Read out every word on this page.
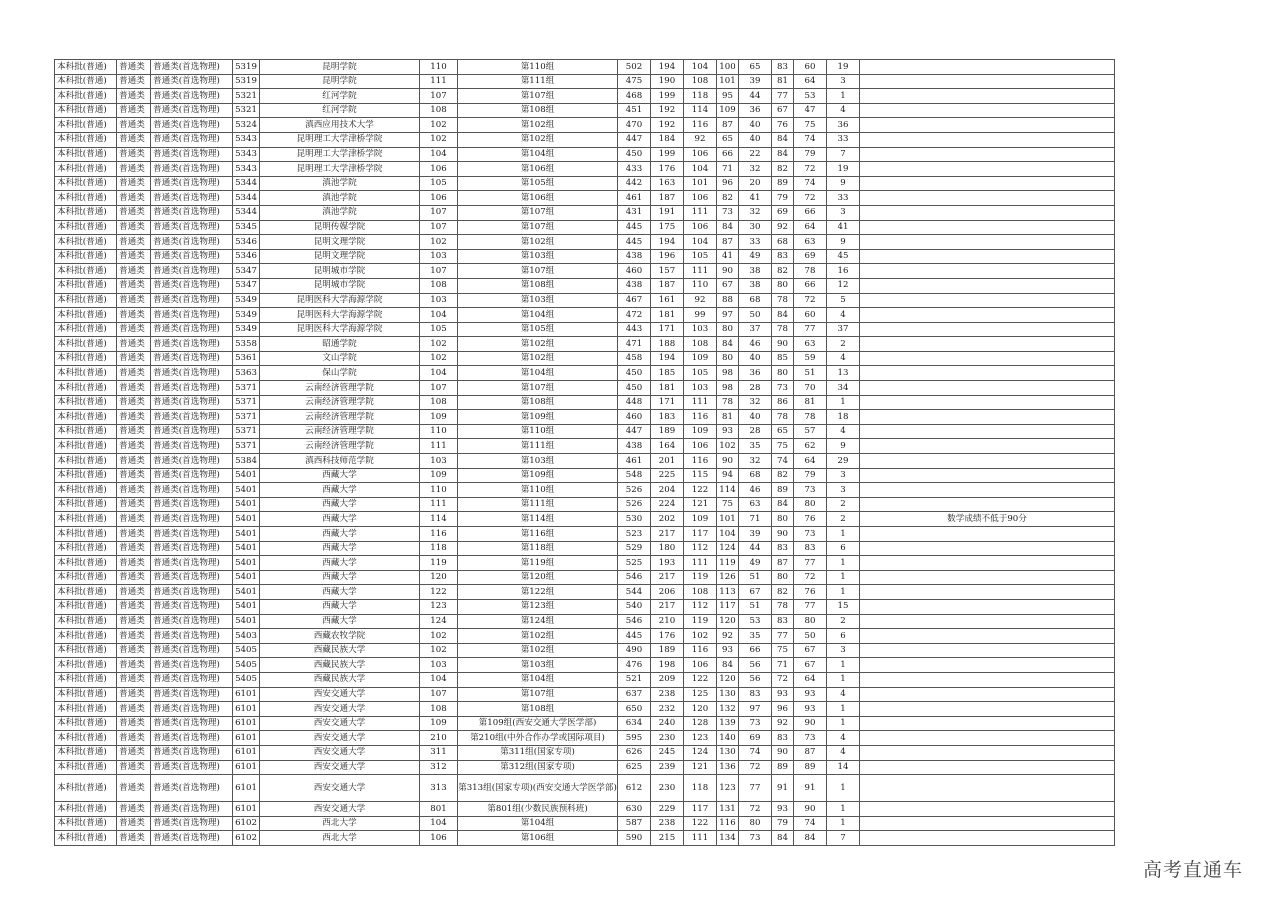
本科批(普通)	普通类	普通类(首选物理)	5319	昆明学院	110	第110组	502	194	104	100	65	83	60	19	
本科批(普通)	普通类	普通类(首选物理)	5319	昆明学院	111	第111组	475	190	108	101	39	81	64	3	
本科批(普通)	普通类	普通类(首选物理)	5321	红河学院	107	第107组	468	199	118	95	44	77	53	1	
本科批(普通)	普通类	普通类(首选物理)	5321	红河学院	108	第108组	451	192	114	109	36	67	47	4	
本科批(普通)	普通类	普通类(首选物理)	5324	滇西应用技术大学	102	第102组	470	192	116	87	40	76	75	36	
本科批(普通)	普通类	普通类(首选物理)	5343	昆明理工大学津桥学院	102	第102组	447	184	92	65	40	84	74	33	
本科批(普通)	普通类	普通类(首选物理)	5343	昆明理工大学津桥学院	104	第104组	450	199	106	66	22	84	79	7	
本科批(普通)	普通类	普通类(首选物理)	5343	昆明理工大学津桥学院	106	第106组	433	176	104	71	32	82	72	19	
本科批(普通)	普通类	普通类(首选物理)	5344	滇池学院	105	第105组	442	163	101	96	20	89	74	9	
本科批(普通)	普通类	普通类(首选物理)	5344	滇池学院	106	第106组	461	187	106	82	41	79	72	33	
本科批(普通)	普通类	普通类(首选物理)	5344	滇池学院	107	第107组	431	191	111	73	32	69	66	3	
本科批(普通)	普通类	普通类(首选物理)	5345	昆明传媒学院	107	第107组	445	175	106	84	30	92	64	41	
本科批(普通)	普通类	普通类(首选物理)	5346	昆明文理学院	102	第102组	445	194	104	87	33	68	63	9	
本科批(普通)	普通类	普通类(首选物理)	5346	昆明文理学院	103	第103组	438	196	105	41	49	83	69	45	
本科批(普通)	普通类	普通类(首选物理)	5347	昆明城市学院	107	第107组	460	157	111	90	38	82	78	16	
本科批(普通)	普通类	普通类(首选物理)	5347	昆明城市学院	108	第108组	438	187	110	67	38	80	66	12	
本科批(普通)	普通类	普通类(首选物理)	5349	昆明医科大学海源学院	103	第103组	467	161	92	88	68	78	72	5	
本科批(普通)	普通类	普通类(首选物理)	5349	昆明医科大学海源学院	104	第104组	472	181	99	97	50	84	60	4	
本科批(普通)	普通类	普通类(首选物理)	5349	昆明医科大学海源学院	105	第105组	443	171	103	80	37	78	77	37	
本科批(普通)	普通类	普通类(首选物理)	5358	昭通学院	102	第102组	471	188	108	84	46	90	63	2	
本科批(普通)	普通类	普通类(首选物理)	5361	文山学院	102	第102组	458	194	109	80	40	85	59	4	
本科批(普通)	普通类	普通类(首选物理)	5363	保山学院	104	第104组	450	185	105	98	36	80	51	13	
本科批(普通)	普通类	普通类(首选物理)	5371	云南经济管理学院	107	第107组	450	181	103	98	28	73	70	34	
本科批(普通)	普通类	普通类(首选物理)	5371	云南经济管理学院	108	第108组	448	171	111	78	32	86	81	1	
本科批(普通)	普通类	普通类(首选物理)	5371	云南经济管理学院	109	第109组	460	183	116	81	40	78	78	18	
本科批(普通)	普通类	普通类(首选物理)	5371	云南经济管理学院	110	第110组	447	189	109	93	28	65	57	4	
本科批(普通)	普通类	普通类(首选物理)	5371	云南经济管理学院	111	第111组	438	164	106	102	35	75	62	9	
本科批(普通)	普通类	普通类(首选物理)	5384	滇西科技师范学院	103	第103组	461	201	116	90	32	74	64	29	
本科批(普通)	普通类	普通类(首选物理)	5401	西藏大学	109	第109组	548	225	115	94	68	82	79	3	
本科批(普通)	普通类	普通类(首选物理)	5401	西藏大学	110	第110组	526	204	122	114	46	89	73	3	
本科批(普通)	普通类	普通类(首选物理)	5401	西藏大学	111	第111组	526	224	121	75	63	84	80	2	
本科批(普通)	普通类	普通类(首选物理)	5401	西藏大学	114	第114组	530	202	109	101	71	80	76	2	数学成绩不低于90分
本科批(普通)	普通类	普通类(首选物理)	5401	西藏大学	116	第116组	523	217	117	104	39	90	73	1	
本科批(普通)	普通类	普通类(首选物理)	5401	西藏大学	118	第118组	529	180	112	124	44	83	83	6	
本科批(普通)	普通类	普通类(首选物理)	5401	西藏大学	119	第119组	525	193	111	119	49	87	77	1	
本科批(普通)	普通类	普通类(首选物理)	5401	西藏大学	120	第120组	546	217	119	126	51	80	72	1	
本科批(普通)	普通类	普通类(首选物理)	5401	西藏大学	122	第122组	544	206	108	113	67	82	76	1	
本科批(普通)	普通类	普通类(首选物理)	5401	西藏大学	123	第123组	540	217	112	117	51	78	77	15	
本科批(普通)	普通类	普通类(首选物理)	5401	西藏大学	124	第124组	546	210	119	120	53	83	80	2	
本科批(普通)	普通类	普通类(首选物理)	5403	西藏农牧学院	102	第102组	445	176	102	92	35	77	50	6	
本科批(普通)	普通类	普通类(首选物理)	5405	西藏民族大学	102	第102组	490	189	116	93	66	75	67	3	
本科批(普通)	普通类	普通类(首选物理)	5405	西藏民族大学	103	第103组	476	198	106	84	56	71	67	1	
本科批(普通)	普通类	普通类(首选物理)	5405	西藏民族大学	104	第104组	521	209	122	120	56	72	64	1	
本科批(普通)	普通类	普通类(首选物理)	6101	西安交通大学	107	第107组	637	238	125	130	83	93	93	4	
本科批(普通)	普通类	普通类(首选物理)	6101	西安交通大学	108	第108组	650	232	120	132	97	96	93	1	
本科批(普通)	普通类	普通类(首选物理)	6101	西安交通大学	109	第109组(西安交通大学医学部)	634	240	128	139	73	92	90	1	
本科批(普通)	普通类	普通类(首选物理)	6101	西安交通大学	210	第210组(中外合作办学或国际项目)	595	230	123	140	69	83	73	4	
本科批(普通)	普通类	普通类(首选物理)	6101	西安交通大学	311	第311组(国家专项)	626	245	124	130	74	90	87	4	
本科批(普通)	普通类	普通类(首选物理)	6101	西安交通大学	312	第312组(国家专项)	625	239	121	136	72	89	89	14	
本科批(普通)	普通类	普通类(首选物理)	6101	西安交通大学	313	第313组(国家专项)(西安交通大学医学部)	612	230	118	123	77	91	91	1	
本科批(普通)	普通类	普通类(首选物理)	6101	西安交通大学	801	第801组(少数民族预科班)	630	229	117	131	72	93	90	1	
本科批(普通)	普通类	普通类(首选物理)	6102	西北大学	104	第104组	587	238	122	116	80	79	74	1	
本科批(普通)	普通类	普通类(首选物理)	6102	西北大学	106	第106组	590	215	111	134	73	84	84	7	
高考直通车
